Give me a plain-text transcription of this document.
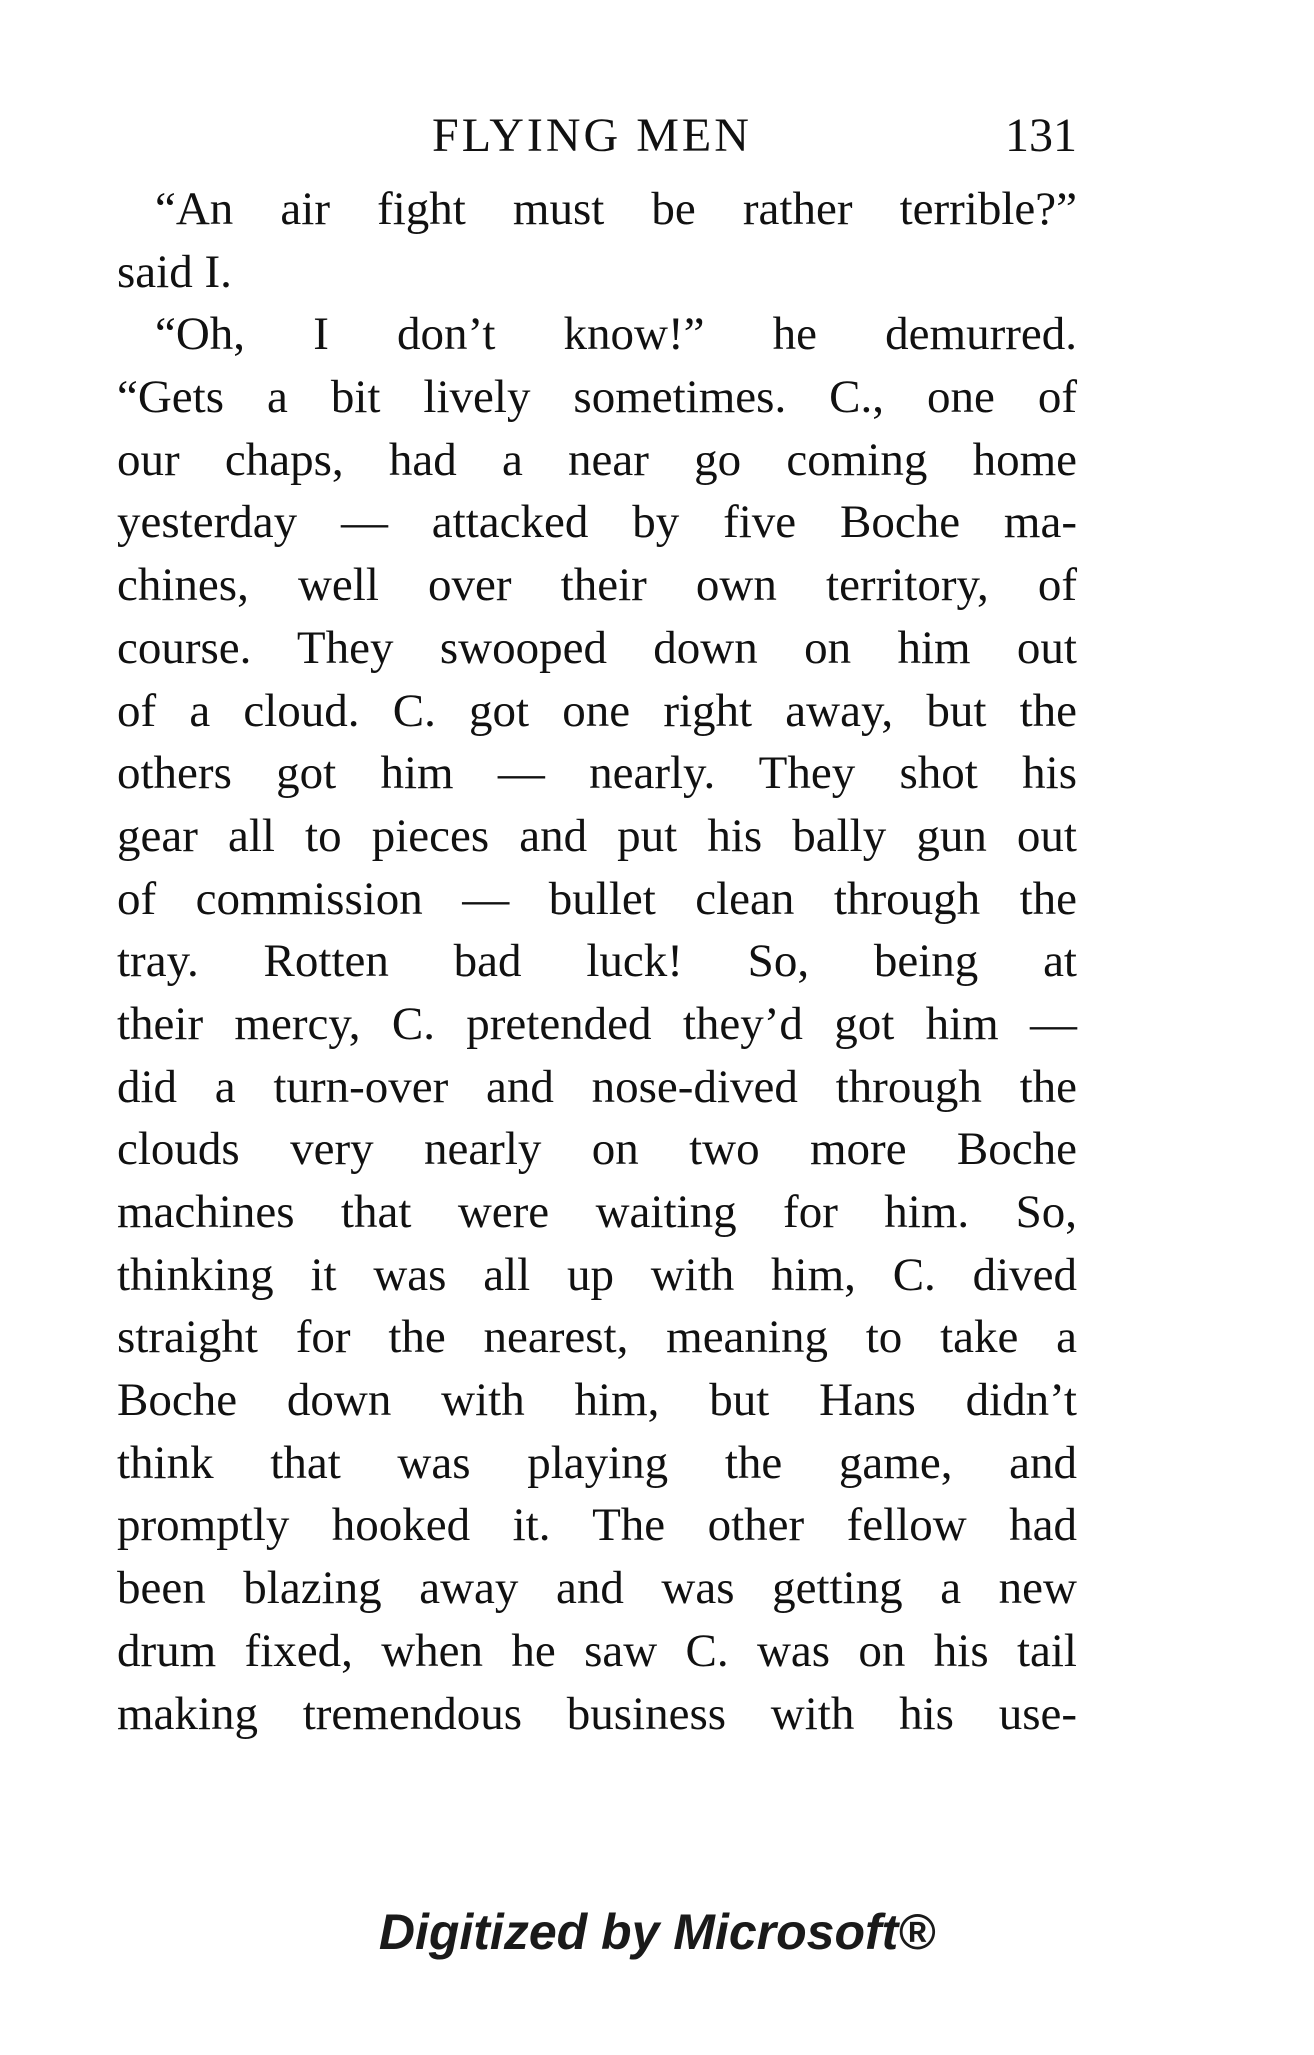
FLYING MEN	131
“An air fight must be rather terrible?”
said I.
“Oh, I don’t know!” he demurred.
“Gets a bit lively sometimes. C., one of
our chaps, had a near go coming home
yesterday — attacked by five Boche ma-
chines, well over their own territory, of
course. They swooped down on him out
of a cloud. C. got one right away, but the
others got him — nearly. They shot his
gear all to pieces and put his bally gun out
of commission — bullet clean through the
tray. Rotten bad luck! So, being at
their mercy, C. pretended they’d got him —
did a turn-over and nose-dived through the
clouds very nearly on two more Boche
machines that were waiting for him. So,
thinking it was all up with him, C. dived
straight for the nearest, meaning to take a
Boche down with him, but Hans didn’t
think that was playing the game, and
promptly hooked it. The other fellow had
been blazing away and was getting a new
drum fixed, when he saw C. was on his tail
making tremendous business with his use-
Digitized by Microsoft®
